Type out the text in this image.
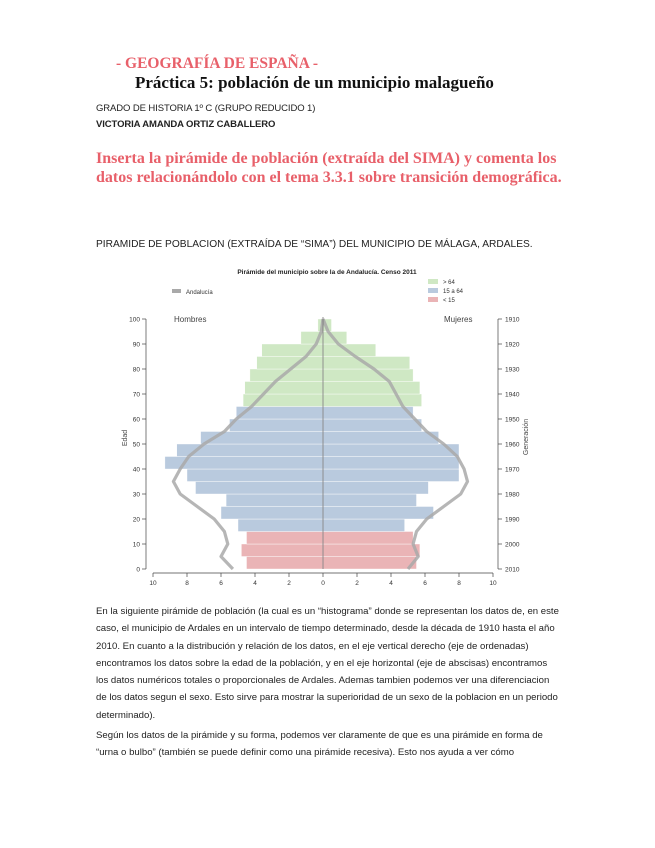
- GEOGRAFÍA DE ESPAÑA -
Práctica 5: población de un municipio malagueño
GRADO DE HISTORIA 1º C (GRUPO REDUCIDO 1)
VICTORIA AMANDA ORTIZ CABALLERO
Inserta la pirámide de población (extraída del SIMA) y comenta los datos relacionándolo con el tema 3.3.1 sobre transición demográfica.
PIRAMIDE DE POBLACION (EXTRAÍDA DE “SIMA”) DEL MUNICIPIO DE MÁLAGA, ARDALES.
Pirámide del municipio sobre la de Andalucía. Censo 2011
0
10
20
30
40
50
60
70
80
90
100
2010
2000
1990
1980
1970
1960
1950
1940
1930
1920
1910
10	8	6	4	2	0	2	4	6	8	10
Hombres	Mujeres
Edad	Generación
Andalucía
> 64
15 a 64
< 15
En la siguiente pirámide de población (la cual es un “histograma” donde se representan los datos de, en este caso, el municipio de Ardales en un intervalo de tiempo determinado, desde la década de 1910 hasta el año 2010. En cuanto a la distribución y relación de los datos, en el eje vertical derecho (eje de ordenadas) encontramos los datos sobre la edad de la población, y en el eje horizontal (eje de abscisas) encontramos los datos numéricos totales o proporcionales de Ardales. Ademas tambien podemos ver una diferenciacion de los datos segun el sexo. Esto sirve para mostrar la superioridad de un sexo de la poblacion en un periodo determinado).
Según los datos de la pirámide y su forma, podemos ver claramente de que es una pirámide en forma de “urna o bulbo” (también se puede definir como una pirámide recesiva). Esto nos ayuda a ver cómo
